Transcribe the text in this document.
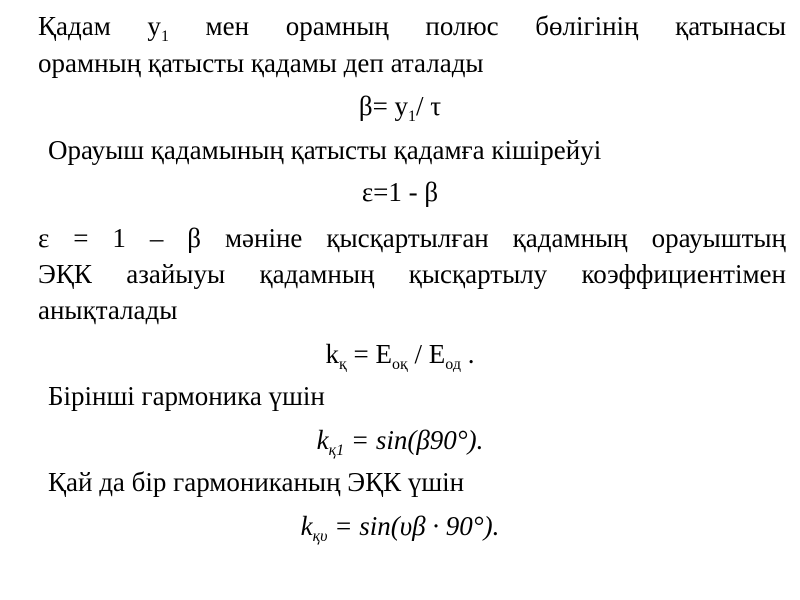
Қадам $y_1$ мен орамның полюс бөлігінің қатынасы
орамның қатысты қадамы деп аталады
$\beta= y_1/$ τ
Орауыш қадамының қатысты қадамға кішірейуі
ε=1 - β
ε = 1 – β мәніне қысқартылған қадамның орауыштың
ЭҚК азайыуы қадамның қысқартылу коэффициентімен
анықталады
$k_қ = E_{оқ} / E_{од}$ .
Бірінші гармоника үшін
$k_{қ1} = \sin(\beta 90^\circ)$.
Қай да бір гармониканың ЭҚК үшін
$k_{қ\upsilon} = \sin(\upsilon\beta \cdot 90^\circ)$.
